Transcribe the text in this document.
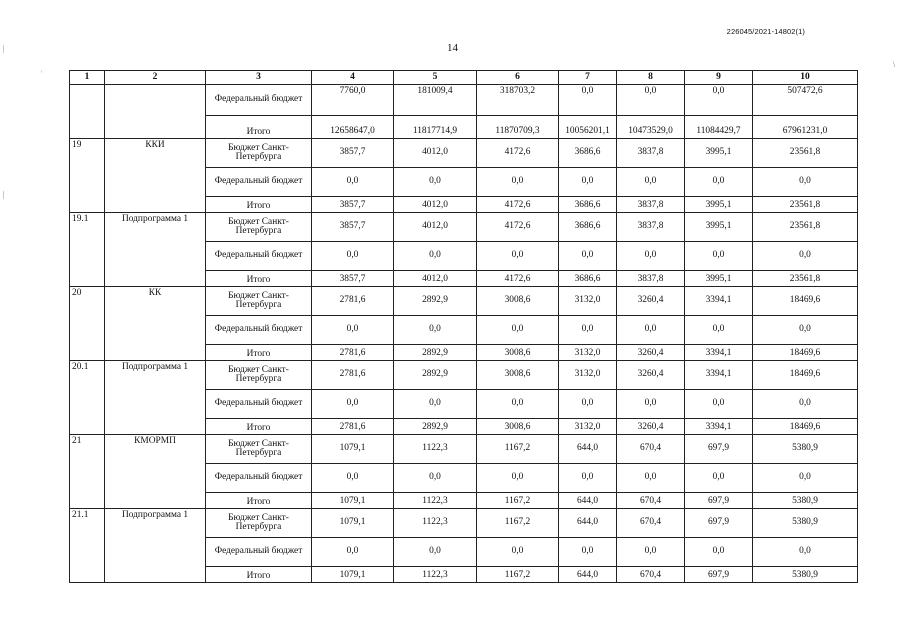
226045/2021-14802(1)
14
|
|
ʿ
\
1	2	3	4	5	6	7	8	9	10
		Федеральный бюджет	7760,0	181009,4	318703,2	0,0	0,0	0,0	507472,6
		Итого	12658647,0	11817714,9	11870709,3	10056201,1	10473529,0	11084429,7	67961231,0
19	ККИ	Бюджет Санкт-Петербурга	3857,7	4012,0	4172,6	3686,6	3837,8	3995,1	23561,8
		Федеральный бюджет	0,0	0,0	0,0	0,0	0,0	0,0	0,0
		Итого	3857,7	4012,0	4172,6	3686,6	3837,8	3995,1	23561,8
19.1	Подпрограмма 1	Бюджет Санкт-Петербурга	3857,7	4012,0	4172,6	3686,6	3837,8	3995,1	23561,8
		Федеральный бюджет	0,0	0,0	0,0	0,0	0,0	0,0	0,0
		Итого	3857,7	4012,0	4172,6	3686,6	3837,8	3995,1	23561,8
20	КК	Бюджет Санкт-Петербурга	2781,6	2892,9	3008,6	3132,0	3260,4	3394,1	18469,6
		Федеральный бюджет	0,0	0,0	0,0	0,0	0,0	0,0	0,0
		Итого	2781,6	2892,9	3008,6	3132,0	3260,4	3394,1	18469,6
20.1	Подпрограмма 1	Бюджет Санкт-Петербурга	2781,6	2892,9	3008,6	3132,0	3260,4	3394,1	18469,6
		Федеральный бюджет	0,0	0,0	0,0	0,0	0,0	0,0	0,0
		Итого	2781,6	2892,9	3008,6	3132,0	3260,4	3394,1	18469,6
21	КМОРМП	Бюджет Санкт-Петербурга	1079,1	1122,3	1167,2	644,0	670,4	697,9	5380,9
		Федеральный бюджет	0,0	0,0	0,0	0,0	0,0	0,0	0,0
		Итого	1079,1	1122,3	1167,2	644,0	670,4	697,9	5380,9
21.1	Подпрограмма 1	Бюджет Санкт-Петербурга	1079,1	1122,3	1167,2	644,0	670,4	697,9	5380,9
		Федеральный бюджет	0,0	0,0	0,0	0,0	0,0	0,0	0,0
		Итого	1079,1	1122,3	1167,2	644,0	670,4	697,9	5380,9
